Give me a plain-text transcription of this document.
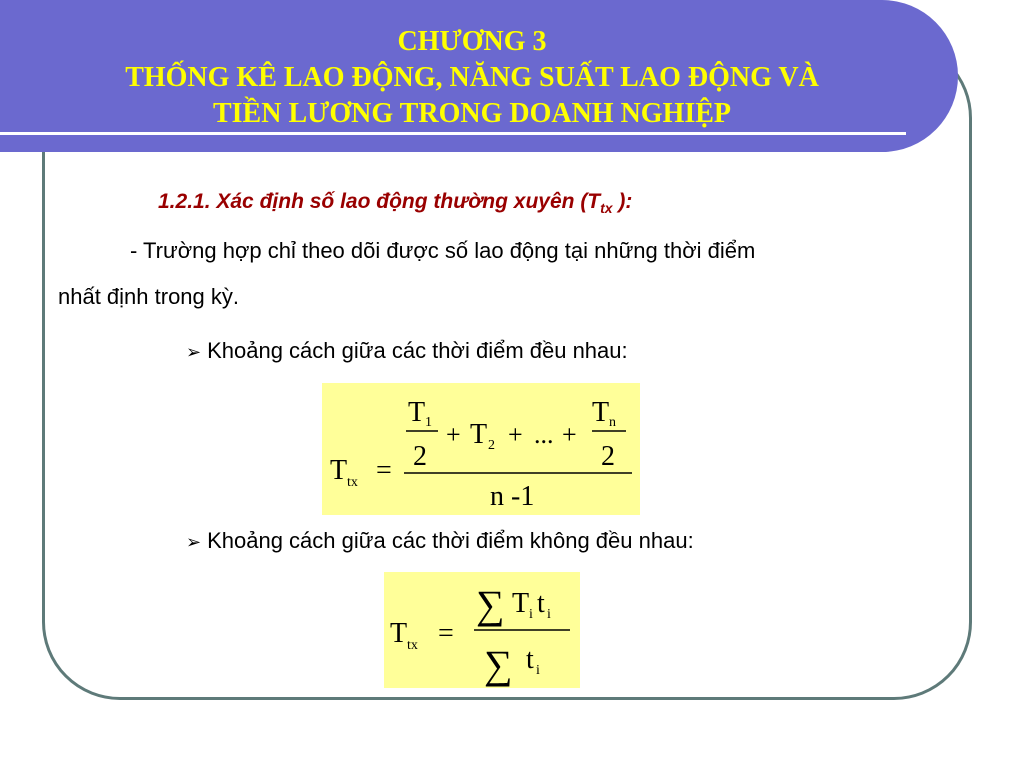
CHƯƠNG 3
THỐNG KÊ LAO ĐỘNG, NĂNG SUẤT LAO ĐỘNG VÀ
TIỀN LƯƠNG TRONG DOANH NGHIỆP
1.2.1. Xác định số lao động thường xuyên ($T_{tx}$ ):
- Trường hợp chỉ theo dõi được số lao động tại những thời điểm
nhất định trong kỳ.
➢ Khoảng cách giữa các thời điểm đều nhau:
T 1
2
+ T 2 + ... +
T n
2
n -1
T tx =
➢ Khoảng cách giữa các thời điểm không đều nhau:
T tx =
∑ T i t i
∑ t i
